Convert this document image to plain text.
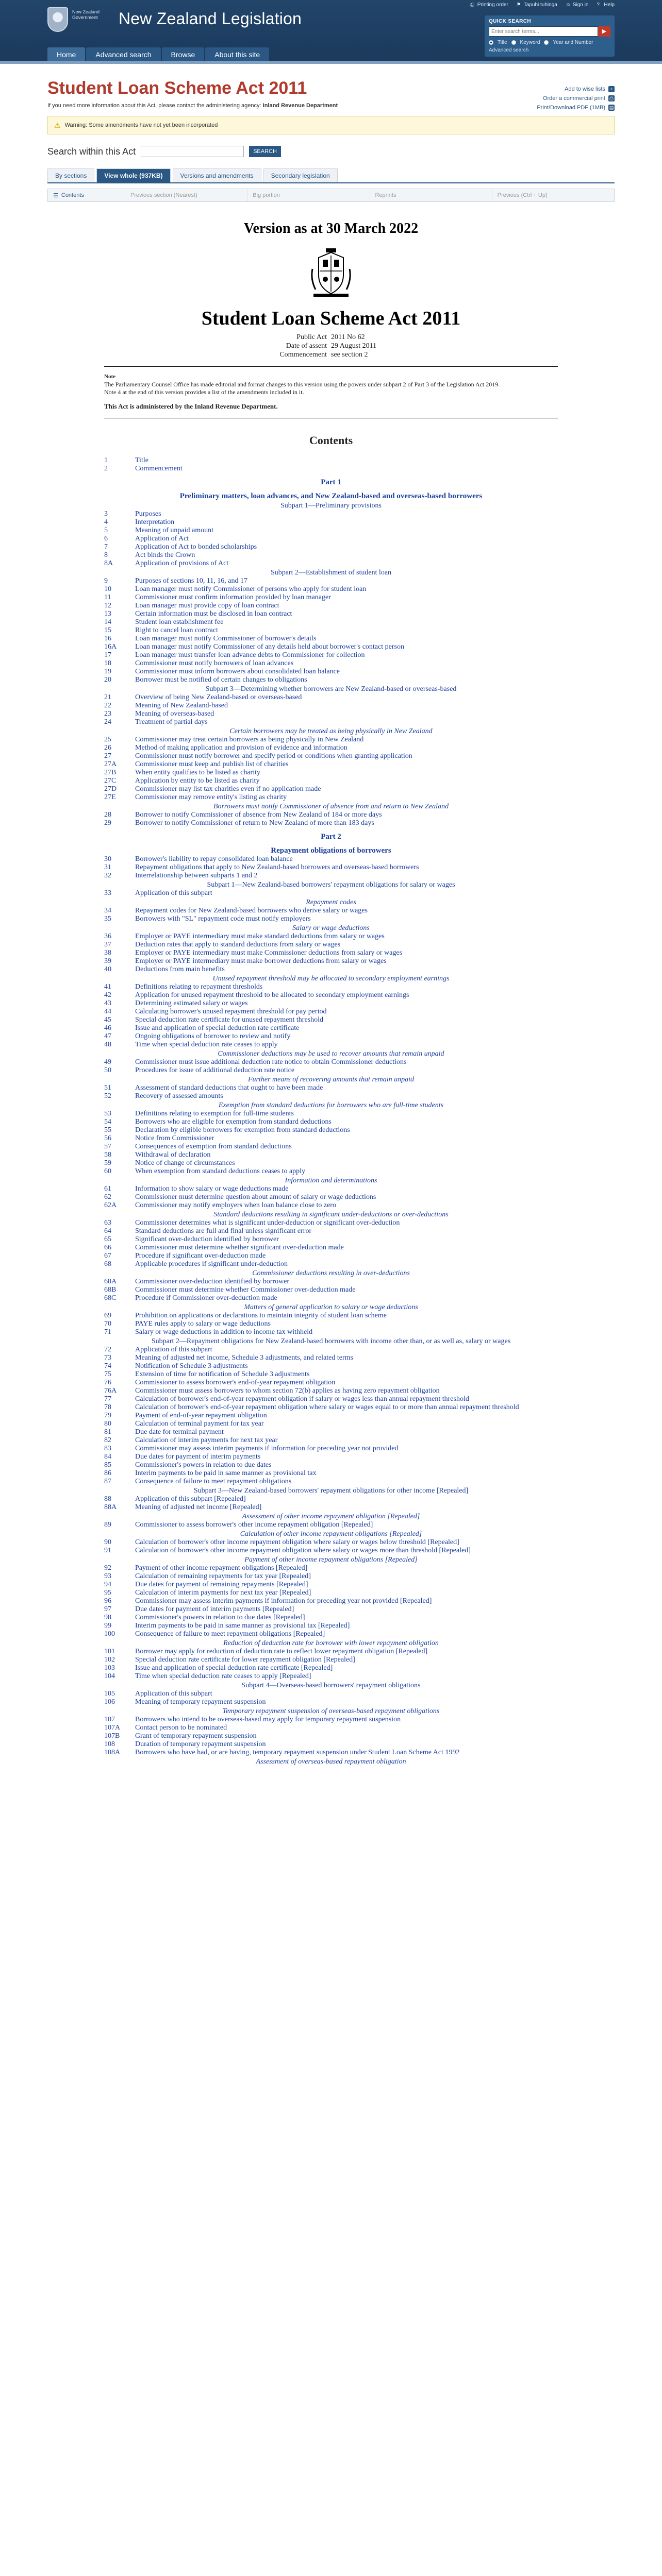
New Zealand Government	New Zealand Legislation
⎙ Printing order ⚑ Tapuhi tuhinga ☺ Sign in ? Help
Home	Advanced search	Browse	About this site
QUICK SEARCH
Enter search terms...
▶
Title	Keyword	Year and Number
Advanced search
Add to wise lists	+
Order a commercial print ⎙
Print/Download PDF (1MB) ▤
Student Loan Scheme Act 2011
If you need more information about this Act, please contact the administering agency: Inland Revenue Department
⚠ Warning: Some amendments have not yet been incorporated
Search within this Act	SEARCH
By sections	View whole (937KB)	Versions and amendments	Secondary legislation
☰ Contents	Previous section (Nearest)	Big portion	Reprints	Previous (Ctrl + Up)
Version as at 30 March 2022
Student Loan Scheme Act 2011
Public Act 2011 No 62
Date of assent 29 August 2011
Commencement see section 2
Note
The Parliamentary Counsel Office has made editorial and format changes to this version using the powers under subpart 2 of Part 3 of the Legislation Act 2019.
Note 4 at the end of this version provides a list of the amendments included in it.
This Act is administered by the Inland Revenue Department.
Contents
1	Title
2	Commencement
Part 1
Preliminary matters, loan advances, and New Zealand-based and overseas-based borrowers
Subpart 1—Preliminary provisions
3	Purposes
4	Interpretation
5	Meaning of unpaid amount
6	Application of Act
7	Application of Act to bonded scholarships
8	Act binds the Crown
8A	Application of provisions of Act
Subpart 2—Establishment of student loan
9	Purposes of sections 10, 11, 16, and 17
10	Loan manager must notify Commissioner of persons who apply for student loan
11	Commissioner must confirm information provided by loan manager
12	Loan manager must provide copy of loan contract
13	Certain information must be disclosed in loan contract
14	Student loan establishment fee
15	Right to cancel loan contract
16	Loan manager must notify Commissioner of borrower's details
16A	Loan manager must notify Commissioner of any details held about borrower's contact person
17	Loan manager must transfer loan advance debts to Commissioner for collection
18	Commissioner must notify borrowers of loan advances
19	Commissioner must inform borrowers about consolidated loan balance
20	Borrower must be notified of certain changes to obligations
Subpart 3—Determining whether borrowers are New Zealand-based or overseas-based
21	Overview of being New Zealand-based or overseas-based
22	Meaning of New Zealand-based
23	Meaning of overseas-based
24	Treatment of partial days
Certain borrowers may be treated as being physically in New Zealand
25	Commissioner may treat certain borrowers as being physically in New Zealand
26	Method of making application and provision of evidence and information
27	Commissioner must notify borrower and specify period or conditions when granting application
27A	Commissioner must keep and publish list of charities
27B	When entity qualifies to be listed as charity
27C	Application by entity to be listed as charity
27D	Commissioner may list tax charities even if no application made
27E	Commissioner may remove entity's listing as charity
Borrowers must notify Commissioner of absence from and return to New Zealand
28	Borrower to notify Commissioner of absence from New Zealand of 184 or more days
29	Borrower to notify Commissioner of return to New Zealand of more than 183 days
Part 2
Repayment obligations of borrowers
30	Borrower's liability to repay consolidated loan balance
31	Repayment obligations that apply to New Zealand-based borrowers and overseas-based borrowers
32	Interrelationship between subparts 1 and 2
Subpart 1—New Zealand-based borrowers' repayment obligations for salary or wages
33	Application of this subpart
Repayment codes
34	Repayment codes for New Zealand-based borrowers who derive salary or wages
35	Borrowers with "SL" repayment code must notify employers
Salary or wage deductions
36	Employer or PAYE intermediary must make standard deductions from salary or wages
37	Deduction rates that apply to standard deductions from salary or wages
38	Employer or PAYE intermediary must make Commissioner deductions from salary or wages
39	Employer or PAYE intermediary must make borrower deductions from salary or wages
40	Deductions from main benefits
Unused repayment threshold may be allocated to secondary employment earnings
41	Definitions relating to repayment thresholds
42	Application for unused repayment threshold to be allocated to secondary employment earnings
43	Determining estimated salary or wages
44	Calculating borrower's unused repayment threshold for pay period
45	Special deduction rate certificate for unused repayment threshold
46	Issue and application of special deduction rate certificate
47	Ongoing obligations of borrower to review and notify
48	Time when special deduction rate ceases to apply
Commissioner deductions may be used to recover amounts that remain unpaid
49	Commissioner must issue additional deduction rate notice to obtain Commissioner deductions
50	Procedures for issue of additional deduction rate notice
Further means of recovering amounts that remain unpaid
51	Assessment of standard deductions that ought to have been made
52	Recovery of assessed amounts
Exemption from standard deductions for borrowers who are full-time students
53	Definitions relating to exemption for full-time students
54	Borrowers who are eligible for exemption from standard deductions
55	Declaration by eligible borrowers for exemption from standard deductions
56	Notice from Commissioner
57	Consequences of exemption from standard deductions
58	Withdrawal of declaration
59	Notice of change of circumstances
60	When exemption from standard deductions ceases to apply
Information and determinations
61	Information to show salary or wage deductions made
62	Commissioner must determine question about amount of salary or wage deductions
62A	Commissioner may notify employers when loan balance close to zero
Standard deductions resulting in significant under-deductions or over-deductions
63	Commissioner determines what is significant under-deduction or significant over-deduction
64	Standard deductions are full and final unless significant error
65	Significant over-deduction identified by borrower
66	Commissioner must determine whether significant over-deduction made
67	Procedure if significant over-deduction made
68	Applicable procedures if significant under-deduction
Commissioner deductions resulting in over-deductions
68A	Commissioner over-deduction identified by borrower
68B	Commissioner must determine whether Commissioner over-deduction made
68C	Procedure if Commissioner over-deduction made
Matters of general application to salary or wage deductions
69	Prohibition on applications or declarations to maintain integrity of student loan scheme
70	PAYE rules apply to salary or wage deductions
71	Salary or wage deductions in addition to income tax withheld
Subpart 2—Repayment obligations for New Zealand-based borrowers with income other than, or as well as, salary or wages
72	Application of this subpart
73	Meaning of adjusted net income, Schedule 3 adjustments, and related terms
74	Notification of Schedule 3 adjustments
75	Extension of time for notification of Schedule 3 adjustments
76	Commissioner to assess borrower's end-of-year repayment obligation
76A	Commissioner must assess borrowers to whom section 72(b) applies as having zero repayment obligation
77	Calculation of borrower's end-of-year repayment obligation if salary or wages less than annual repayment threshold
78	Calculation of borrower's end-of-year repayment obligation where salary or wages equal to or more than annual repayment threshold
79	Payment of end-of-year repayment obligation
80	Calculation of terminal payment for tax year
81	Due date for terminal payment
82	Calculation of interim payments for next tax year
83	Commissioner may assess interim payments if information for preceding year not provided
84	Due dates for payment of interim payments
85	Commissioner's powers in relation to due dates
86	Interim payments to be paid in same manner as provisional tax
87	Consequence of failure to meet repayment obligations
Subpart 3—New Zealand-based borrowers' repayment obligations for other income [Repealed]
88	Application of this subpart [Repealed]
88A	Meaning of adjusted net income [Repealed]
Assessment of other income repayment obligation [Repealed]
89	Commissioner to assess borrower's other income repayment obligation [Repealed]
Calculation of other income repayment obligations [Repealed]
90	Calculation of borrower's other income repayment obligation where salary or wages below threshold [Repealed]
91	Calculation of borrower's other income repayment obligation where salary or wages more than threshold [Repealed]
Payment of other income repayment obligations [Repealed]
92	Payment of other income repayment obligations [Repealed]
93	Calculation of remaining repayments for tax year [Repealed]
94	Due dates for payment of remaining repayments [Repealed]
95	Calculation of interim payments for next tax year [Repealed]
96	Commissioner may assess interim payments if information for preceding year not provided [Repealed]
97	Due dates for payment of interim payments [Repealed]
98	Commissioner's powers in relation to due dates [Repealed]
99	Interim payments to be paid in same manner as provisional tax [Repealed]
100	Consequence of failure to meet repayment obligations [Repealed]
Reduction of deduction rate for borrower with lower repayment obligation
101	Borrower may apply for reduction of deduction rate to reflect lower repayment obligation [Repealed]
102	Special deduction rate certificate for lower repayment obligation [Repealed]
103	Issue and application of special deduction rate certificate [Repealed]
104	Time when special deduction rate ceases to apply [Repealed]
Subpart 4—Overseas-based borrowers' repayment obligations
105	Application of this subpart
106	Meaning of temporary repayment suspension
Temporary repayment suspension of overseas-based repayment obligations
107	Borrowers who intend to be overseas-based may apply for temporary repayment suspension
107A	Contact person to be nominated
107B	Grant of temporary repayment suspension
108	Duration of temporary repayment suspension
108A	Borrowers who have had, or are having, temporary repayment suspension under Student Loan Scheme Act 1992
Assessment of overseas-based repayment obligation
